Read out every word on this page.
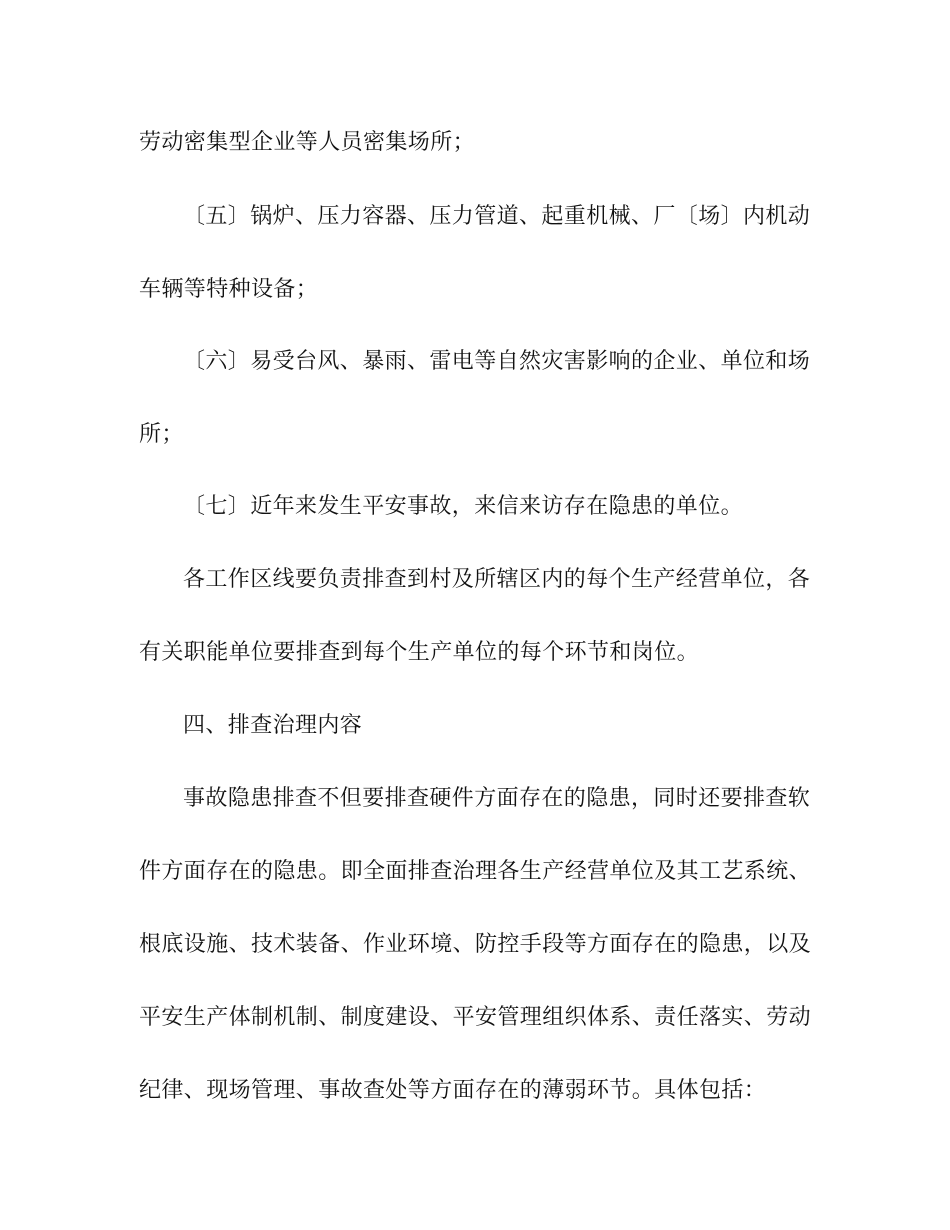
劳动密集型企业等人员密集场所；
〔五〕锅炉、压力容器、压力管道、起重机械、厂〔场〕内机动
车辆等特种设备；
〔六〕易受台风、暴雨、雷电等自然灾害影响的企业、单位和场
所；
〔七〕近年来发生平安事故，来信来访存在隐患的单位。
各工作区线要负责排查到村及所辖区内的每个生产经营单位，各
有关职能单位要排查到每个生产单位的每个环节和岗位。
四、排查治理内容
事故隐患排查不但要排查硬件方面存在的隐患，同时还要排查软
件方面存在的隐患。即全面排查治理各生产经营单位及其工艺系统、
根底设施、技术装备、作业环境、防控手段等方面存在的隐患，以及
平安生产体制机制、制度建设、平安管理组织体系、责任落实、劳动
纪律、现场管理、事故查处等方面存在的薄弱环节。具体包括：
